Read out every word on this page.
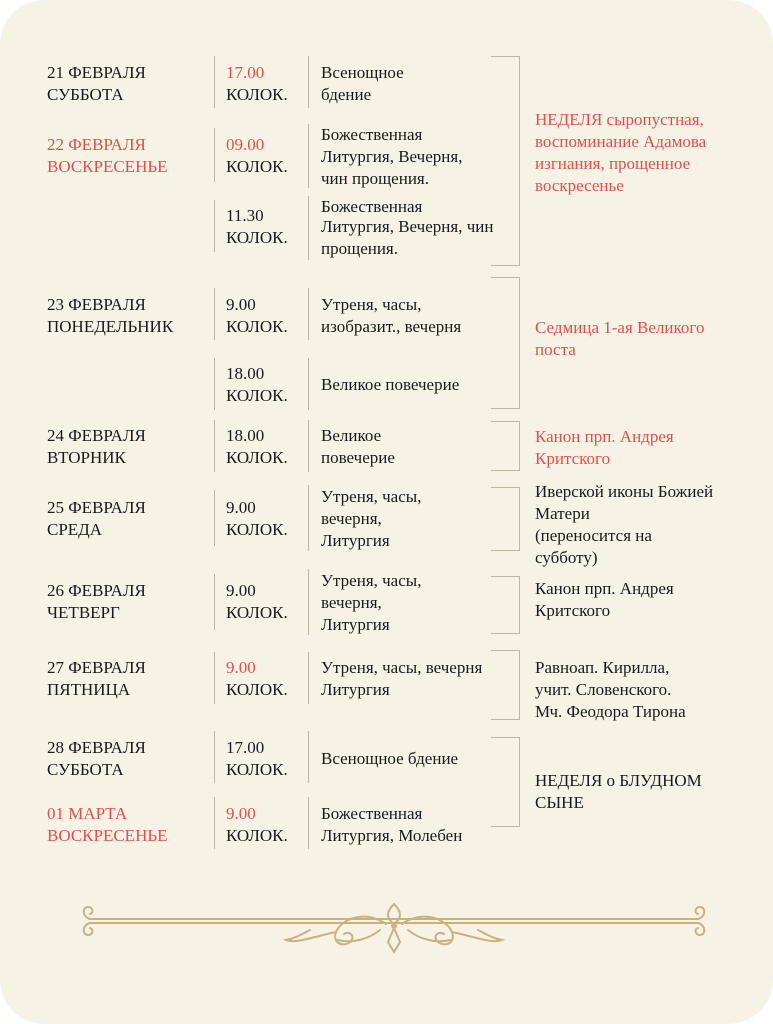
21 ФЕВРАЛЯ
СУББОТА
17.00
КОЛОК.
Всенощное
бдение
22 ФЕВРАЛЯ
ВОСКРЕСЕНЬЕ
09.00
КОЛОК.
Божественная
Литургия, Вечерня,
чин прощения.
11.30
КОЛОК.
Божественная
Литургия, Вечерня, чин
прощения.
23 ФЕВРАЛЯ
ПОНЕДЕЛЬНИК
9.00
КОЛОК.
Утреня, часы,
изобразит., вечерня
18.00
КОЛОК.
Великое повечерие
24 ФЕВРАЛЯ
ВТОРНИК
18.00
КОЛОК.
Великое
повечерие
25 ФЕВРАЛЯ
СРЕДА
9.00
КОЛОК.
Утреня, часы,
вечерня,
Литургия
26 ФЕВРАЛЯ
ЧЕТВЕРГ
9.00
КОЛОК.
Утреня, часы,
вечерня,
Литургия
27 ФЕВРАЛЯ
ПЯТНИЦА
9.00
КОЛОК.
Утреня, часы, вечерня
Литургия
28 ФЕВРАЛЯ
СУББОТА
17.00
КОЛОК.
Всенощное бдение
01 МАРТА
ВОСКРЕСЕНЬЕ
9.00
КОЛОК.
Божественная
Литургия, Молебен
НЕДЕЛЯ сыропустная,
воспоминание Адамова
изгнания, прощенное
воскресенье
Седмица 1-ая Великого
поста
Канон прп. Андрея
Критского
Иверской иконы Божией
Матери
(переносится на
субботу)
Канон прп. Андрея
Критского
Равноап. Кирилла,
учит. Словенского.
Мч. Феодора Тирона
НЕДЕЛЯ о БЛУДНОМ
СЫНЕ
